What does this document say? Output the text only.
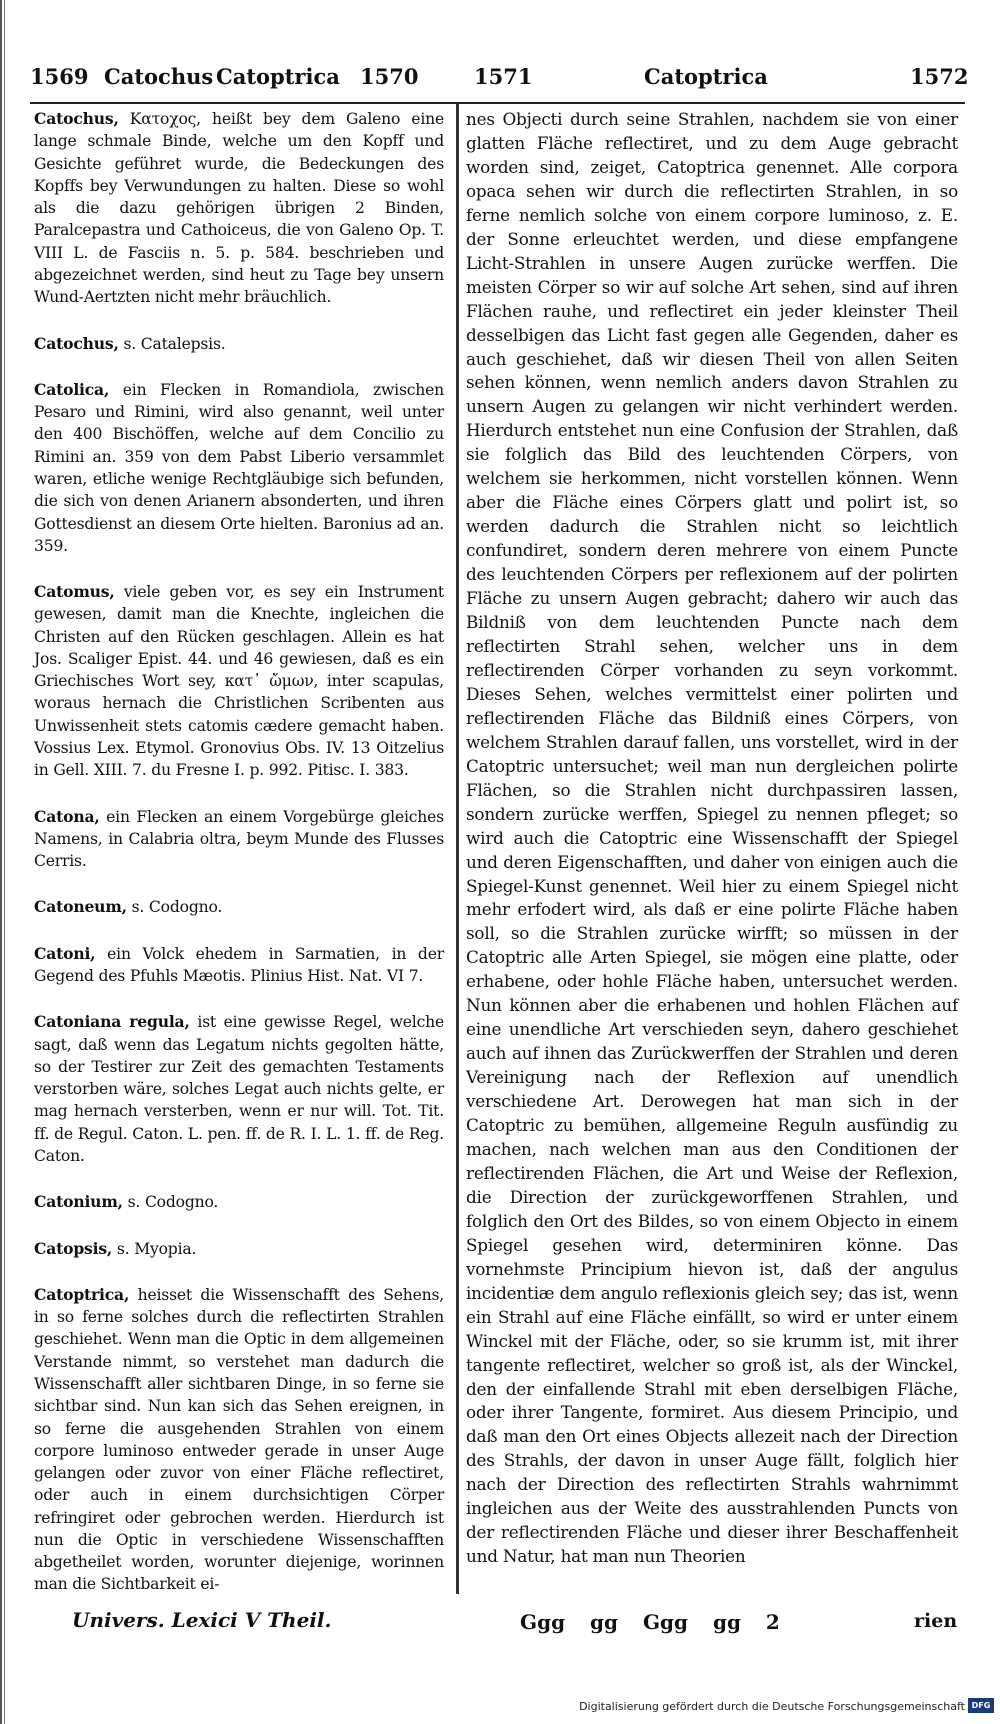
1569 Catochus Catoptrica 1570	1571	Catoptrica	1572

Catochus, Κατοχος, heißt bey dem Galeno eine lange schmale Binde, welche um den Kopff und Gesichte geführet wurde, die Bedeckungen des Kopffs bey Verwundungen zu halten. Diese so wohl als die dazu gehörigen übrigen 2 Binden, Paralcepastra und Cathoiceus, die von Galeno Op. T. VIII L. de Fasciis n. 5. p. 584. beschrieben und abgezeichnet werden, sind heut zu Tage bey unsern Wund-Aertzten nicht mehr bräuchlich.

Catochus, s. Catalepsis.

Catolica, ein Flecken in Romandiola, zwischen Pesaro und Rimini, wird also genannt, weil unter den 400 Bischöffen, welche auf dem Concilio zu Rimini an. 359 von dem Pabst Liberio versammlet waren, etliche wenige Rechtgläubige sich befunden, die sich von denen Arianern absonderten, und ihren Gottesdienst an diesem Orte hielten. Baronius ad an. 359.

Catomus, viele geben vor, es sey ein Instrument gewesen, damit man die Knechte, ingleichen die Christen auf den Rücken geschlagen. Allein es hat Jos. Scaliger Epist. 44. und 46 gewiesen, daß es ein Griechisches Wort sey, κατ᾽ ὤμων, inter scapulas, woraus hernach die Christlichen Scribenten aus Unwissenheit stets catomis cædere gemacht haben. Vossius Lex. Etymol. Gronovius Obs. IV. 13 Oitzelius in Gell. XIII. 7. du Fresne I. p. 992. Pitisc. I. 383.

Catona, ein Flecken an einem Vorgebürge gleiches Namens, in Calabria oltra, beym Munde des Flusses Cerris.

Catoneum, s. Codogno.

Catoni, ein Volck ehedem in Sarmatien, in der Gegend des Pfuhls Mæotis. Plinius Hist. Nat. VI 7.

Catoniana regula, ist eine gewisse Regel, welche sagt, daß wenn das Legatum nichts gegolten hätte, so der Testirer zur Zeit des gemachten Testaments verstorben wäre, solches Legat auch nichts gelte, er mag hernach versterben, wenn er nur will. Tot. Tit. ff. de Regul. Caton. L. pen. ff. de R. I. L. 1. ff. de Reg. Caton.

Catonium, s. Codogno.

Catopsis, s. Myopia.

Catoptrica, heisset die Wissenschafft des Sehens, in so ferne solches durch die reflectirten Strahlen geschiehet. Wenn man die Optic in dem allgemeinen Verstande nimmt, so verstehet man dadurch die Wissenschafft aller sichtbaren Dinge, in so ferne sie sichtbar sind. Nun kan sich das Sehen ereignen, in so ferne die ausgehenden Strahlen von einem corpore luminoso entweder gerade in unser Auge gelangen oder zuvor von einer Fläche reflectiret, oder auch in einem durchsichtigen Cörper refringiret oder gebrochen werden. Hierdurch ist nun die Optic in verschiedene Wissenschafften abgetheilet worden, worunter diejenige, worinnen man die Sichtbarkeit ei-

nes Objecti durch seine Strahlen, nachdem sie von einer glatten Fläche reflectiret, und zu dem Auge gebracht worden sind, zeiget, Catoptrica genennet. Alle corpora opaca sehen wir durch die reflectirten Strahlen, in so ferne nemlich solche von einem corpore luminoso, z. E. der Sonne erleuchtet werden, und diese empfangene Licht-Strahlen in unsere Augen zurücke werffen. Die meisten Cörper so wir auf solche Art sehen, sind auf ihren Flächen rauhe, und reflectiret ein jeder kleinster Theil desselbigen das Licht fast gegen alle Gegenden, daher es auch geschiehet, daß wir diesen Theil von allen Seiten sehen können, wenn nemlich anders davon Strahlen zu unsern Augen zu gelangen wir nicht verhindert werden. Hierdurch entstehet nun eine Confusion der Strahlen, daß sie folglich das Bild des leuchtenden Cörpers, von welchem sie herkommen, nicht vorstellen können. Wenn aber die Fläche eines Cörpers glatt und polirt ist, so werden dadurch die Strahlen nicht so leichtlich confundiret, sondern deren mehrere von einem Puncte des leuchtenden Cörpers per reflexionem auf der polirten Fläche zu unsern Augen gebracht; dahero wir auch das Bildniß von dem leuchtenden Puncte nach dem reflectirten Strahl sehen, welcher uns in dem reflectirenden Cörper vorhanden zu seyn vorkommt. Dieses Sehen, welches vermittelst einer polirten und reflectirenden Fläche das Bildniß eines Cörpers, von welchem Strahlen darauf fallen, uns vorstellet, wird in der Catoptric untersuchet; weil man nun dergleichen polirte Flächen, so die Strahlen nicht durchpassiren lassen, sondern zurücke werffen, Spiegel zu nennen pfleget; so wird auch die Catoptric eine Wissenschafft der Spiegel und deren Eigenschafften, und daher von einigen auch die Spiegel-Kunst genennet. Weil hier zu einem Spiegel nicht mehr erfodert wird, als daß er eine polirte Fläche haben soll, so die Strahlen zurücke wirfft; so müssen in der Catoptric alle Arten Spiegel, sie mögen eine platte, oder erhabene, oder hohle Fläche haben, untersuchet werden. Nun können aber die erhabenen und hohlen Flächen auf eine unendliche Art verschieden seyn, dahero geschiehet auch auf ihnen das Zurückwerffen der Strahlen und deren Vereinigung nach der Reflexion auf unendlich verschiedene Art. Derowegen hat man sich in der Catoptric zu bemühen, allgemeine Reguln ausfündig zu machen, nach welchen man aus den Conditionen der reflectirenden Flächen, die Art und Weise der Reflexion, die Direction der zurückgeworffenen Strahlen, und folglich den Ort des Bildes, so von einem Objecto in einem Spiegel gesehen wird, determiniren könne. Das vornehmste Principium hievon ist, daß der angulus incidentiæ dem angulo reflexionis gleich sey; das ist, wenn ein Strahl auf eine Fläche einfällt, so wird er unter einem Winckel mit der Fläche, oder, so sie krumm ist, mit ihrer tangente reflectiret, welcher so groß ist, als der Winckel, den der einfallende Strahl mit eben derselbigen Fläche, oder ihrer Tangente, formiret. Aus diesem Principio, und daß man den Ort eines Objects allezeit nach der Direction des Strahls, der davon in unser Auge fällt, folglich hier nach der Direction des reflectirten Strahls wahrnimmt ingleichen aus der Weite des ausstrahlenden Puncts von der reflectirenden Fläche und dieser ihrer Beschaffenheit und Natur, hat man nun Theorien

Univers. Lexici V Theil.	Ggg gg Ggg gg 2	rien
Digitalisierung gefördert durch die Deutsche Forschungsgemeinschaft DFG
